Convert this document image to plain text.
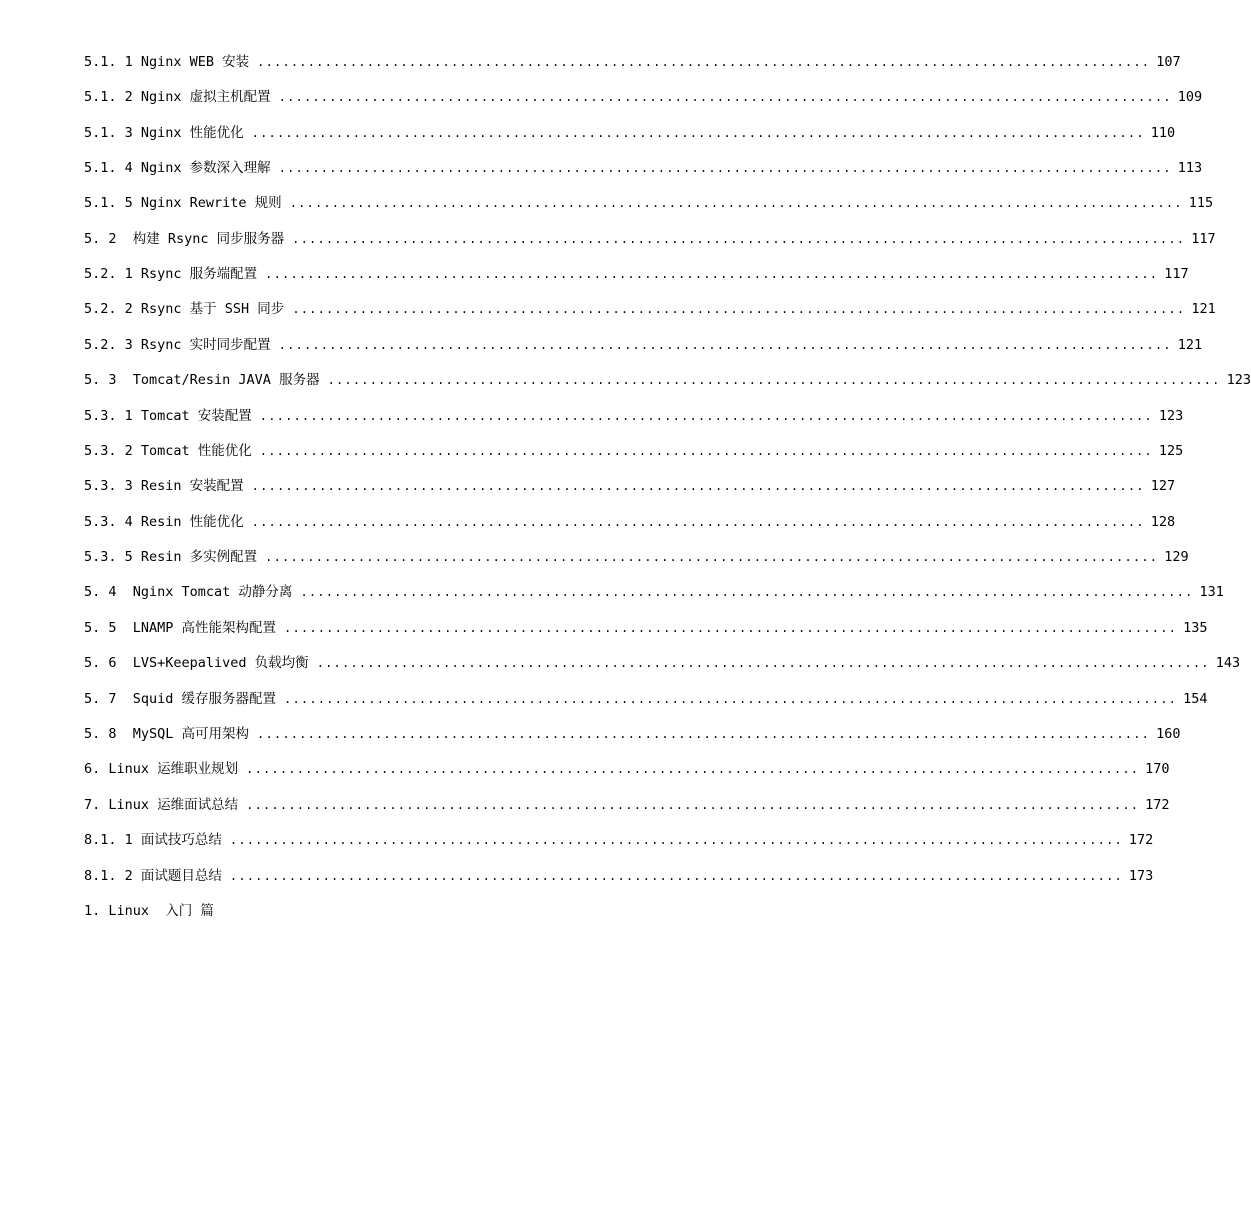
5.1. 1 Nginx WEB 安装 .......................................................................................................... 107
5.1. 2 Nginx 虚拟主机配置 .......................................................................................................... 109
5.1. 3 Nginx 性能优化 .......................................................................................................... 110
5.1. 4 Nginx 参数深入理解 .......................................................................................................... 113
5.1. 5 Nginx Rewrite 规则 .......................................................................................................... 115
5. 2  构建 Rsync 同步服务器 .......................................................................................................... 117
5.2. 1 Rsync 服务端配置 .......................................................................................................... 117
5.2. 2 Rsync 基于 SSH 同步 .......................................................................................................... 121
5.2. 3 Rsync 实时同步配置 .......................................................................................................... 121
5. 3  Tomcat/Resin JAVA 服务器 .......................................................................................................... 123
5.3. 1 Tomcat 安装配置 .......................................................................................................... 123
5.3. 2 Tomcat 性能优化 .......................................................................................................... 125
5.3. 3 Resin 安装配置 .......................................................................................................... 127
5.3. 4 Resin 性能优化 .......................................................................................................... 128
5.3. 5 Resin 多实例配置 .......................................................................................................... 129
5. 4  Nginx Tomcat 动静分离 .......................................................................................................... 131
5. 5  LNAMP 高性能架构配置 .......................................................................................................... 135
5. 6  LVS+Keepalived 负载均衡 .......................................................................................................... 143
5. 7  Squid 缓存服务器配置 .......................................................................................................... 154
5. 8  MySQL 高可用架构 .......................................................................................................... 160
6. Linux 运维职业规划 .......................................................................................................... 170
7. Linux 运维面试总结 .......................................................................................................... 172
8.1. 1 面试技巧总结 .......................................................................................................... 172
8.1. 2 面试题目总结 .......................................................................................................... 173
1. Linux  入门 篇
